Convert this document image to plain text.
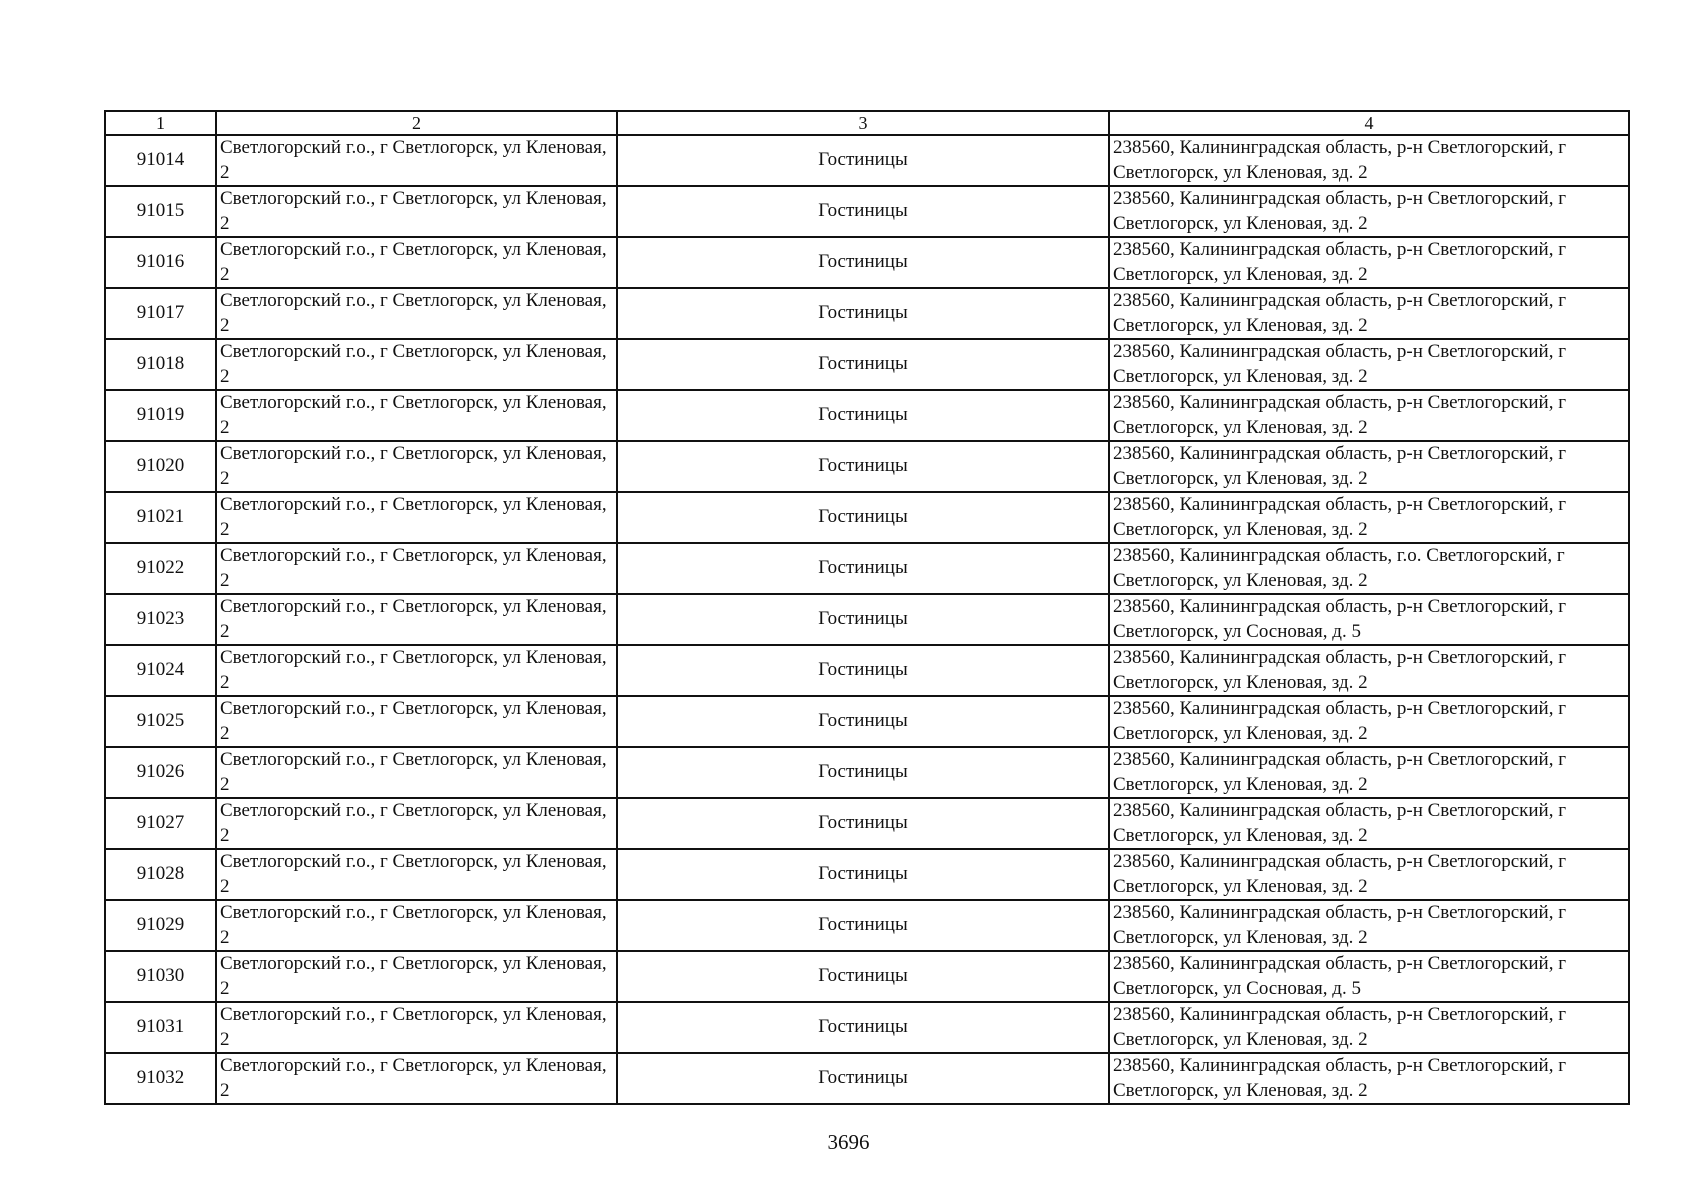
1	2	3	4
91014	Светлогорский г.о., г Светлогорск, ул Кленовая, 2	Гостиницы	238560, Калининградская область, р-н Светлогорский, г Светлогорск, ул Кленовая, зд. 2
91015	Светлогорский г.о., г Светлогорск, ул Кленовая, 2	Гостиницы	238560, Калининградская область, р-н Светлогорский, г Светлогорск, ул Кленовая, зд. 2
91016	Светлогорский г.о., г Светлогорск, ул Кленовая, 2	Гостиницы	238560, Калининградская область, р-н Светлогорский, г Светлогорск, ул Кленовая, зд. 2
91017	Светлогорский г.о., г Светлогорск, ул Кленовая, 2	Гостиницы	238560, Калининградская область, р-н Светлогорский, г Светлогорск, ул Кленовая, зд. 2
91018	Светлогорский г.о., г Светлогорск, ул Кленовая, 2	Гостиницы	238560, Калининградская область, р-н Светлогорский, г Светлогорск, ул Кленовая, зд. 2
91019	Светлогорский г.о., г Светлогорск, ул Кленовая, 2	Гостиницы	238560, Калининградская область, р-н Светлогорский, г Светлогорск, ул Кленовая, зд. 2
91020	Светлогорский г.о., г Светлогорск, ул Кленовая, 2	Гостиницы	238560, Калининградская область, р-н Светлогорский, г Светлогорск, ул Кленовая, зд. 2
91021	Светлогорский г.о., г Светлогорск, ул Кленовая, 2	Гостиницы	238560, Калининградская область, р-н Светлогорский, г Светлогорск, ул Кленовая, зд. 2
91022	Светлогорский г.о., г Светлогорск, ул Кленовая, 2	Гостиницы	238560, Калининградская область, г.о. Светлогорский, г Светлогорск, ул Кленовая, зд. 2
91023	Светлогорский г.о., г Светлогорск, ул Кленовая, 2	Гостиницы	238560, Калининградская область, р-н Светлогорский, г Светлогорск, ул Сосновая, д. 5
91024	Светлогорский г.о., г Светлогорск, ул Кленовая, 2	Гостиницы	238560, Калининградская область, р-н Светлогорский, г Светлогорск, ул Кленовая, зд. 2
91025	Светлогорский г.о., г Светлогорск, ул Кленовая, 2	Гостиницы	238560, Калининградская область, р-н Светлогорский, г Светлогорск, ул Кленовая, зд. 2
91026	Светлогорский г.о., г Светлогорск, ул Кленовая, 2	Гостиницы	238560, Калининградская область, р-н Светлогорский, г Светлогорск, ул Кленовая, зд. 2
91027	Светлогорский г.о., г Светлогорск, ул Кленовая, 2	Гостиницы	238560, Калининградская область, р-н Светлогорский, г Светлогорск, ул Кленовая, зд. 2
91028	Светлогорский г.о., г Светлогорск, ул Кленовая, 2	Гостиницы	238560, Калининградская область, р-н Светлогорский, г Светлогорск, ул Кленовая, зд. 2
91029	Светлогорский г.о., г Светлогорск, ул Кленовая, 2	Гостиницы	238560, Калининградская область, р-н Светлогорский, г Светлогорск, ул Кленовая, зд. 2
91030	Светлогорский г.о., г Светлогорск, ул Кленовая, 2	Гостиницы	238560, Калининградская область, р-н Светлогорский, г Светлогорск, ул Сосновая, д. 5
91031	Светлогорский г.о., г Светлогорск, ул Кленовая, 2	Гостиницы	238560, Калининградская область, р-н Светлогорский, г Светлогорск, ул Кленовая, зд. 2
91032	Светлогорский г.о., г Светлогорск, ул Кленовая, 2	Гостиницы	238560, Калининградская область, р-н Светлогорский, г Светлогорск, ул Кленовая, зд. 2
3696
